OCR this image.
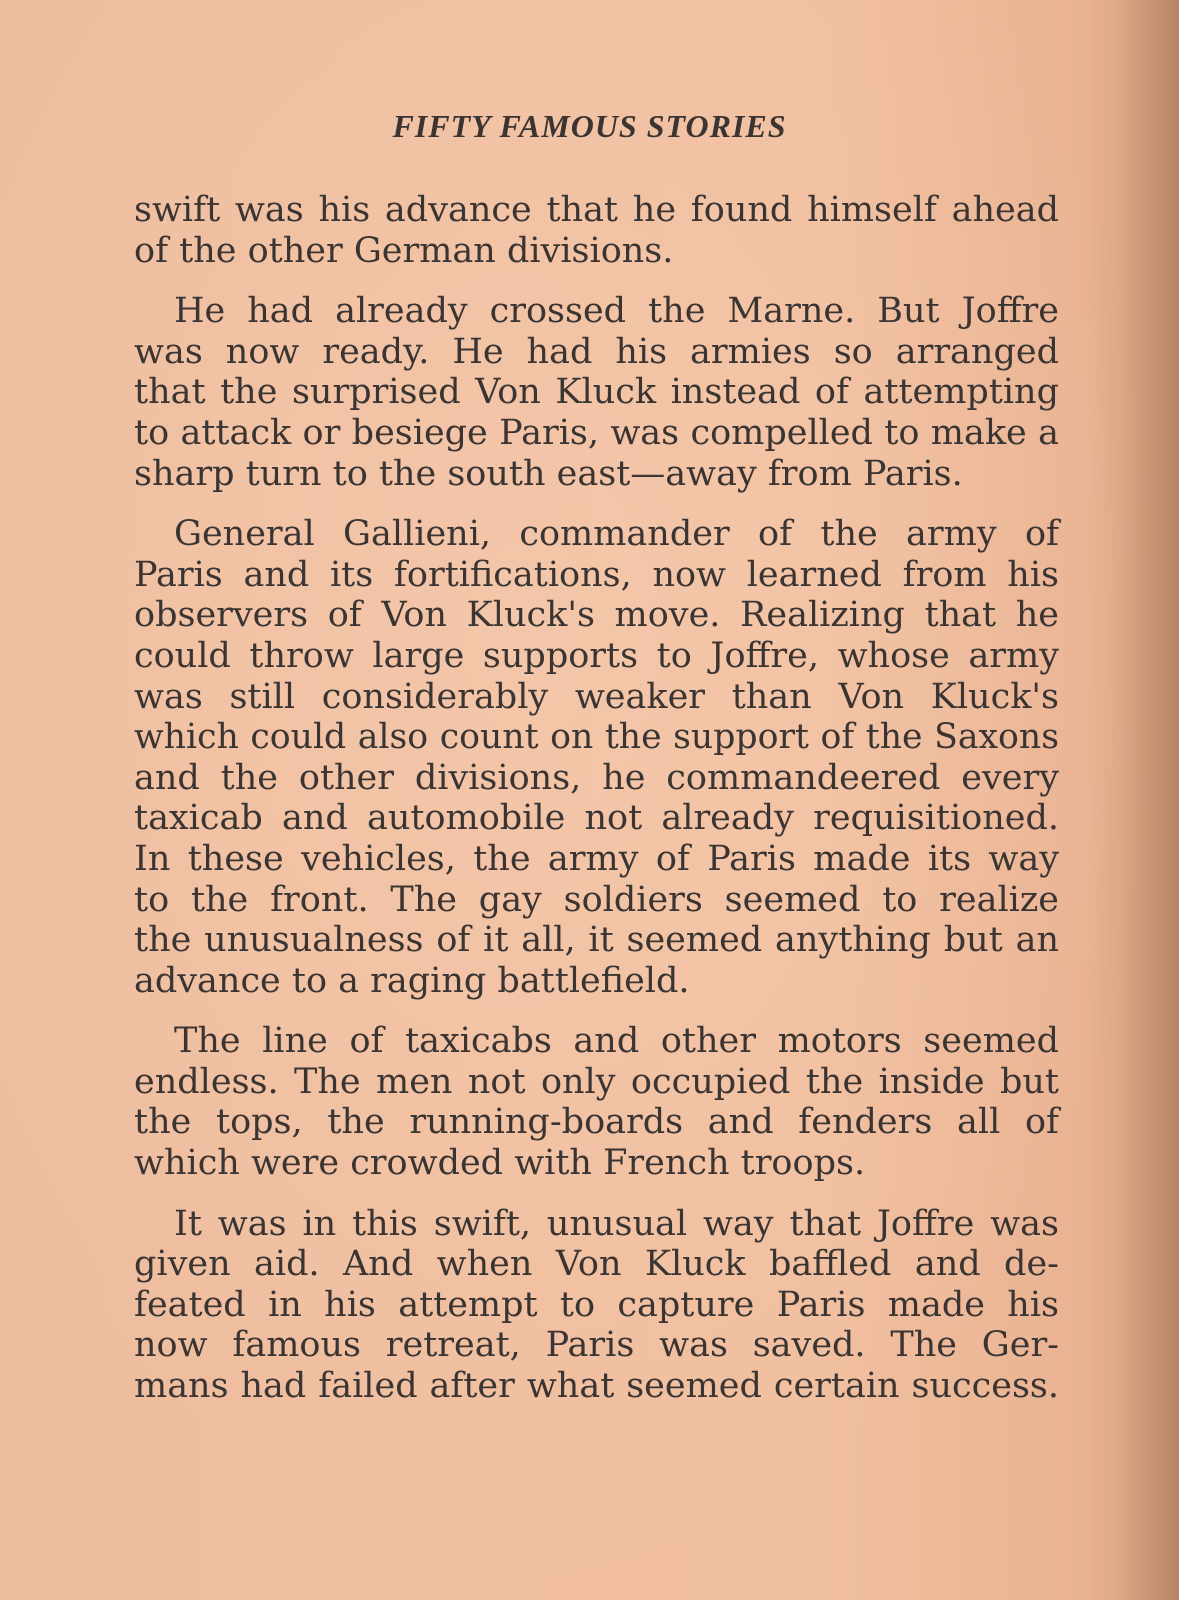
FIFTY FAMOUS STORIES
swift was his advance that he found himself ahead
of the other German divisions.
He had already crossed the Marne. But Joffre
was now ready. He had his armies so arranged
that the surprised Von Kluck instead of attempting
to attack or besiege Paris, was compelled to make a
sharp turn to the south east—away from Paris.
General Gallieni, commander of the army of
Paris and its fortifications, now learned from his
observers of Von Kluck's move. Realizing that he
could throw large supports to Joffre, whose army
was still considerably weaker than Von Kluck's
which could also count on the support of the Saxons
and the other divisions, he commandeered every
taxicab and automobile not already requisitioned.
In these vehicles, the army of Paris made its way
to the front. The gay soldiers seemed to realize
the unusualness of it all, it seemed anything but an
advance to a raging battlefield.
The line of taxicabs and other motors seemed
endless. The men not only occupied the inside but
the tops, the running-boards and fenders all of
which were crowded with French troops.
It was in this swift, unusual way that Joffre was
given aid. And when Von Kluck baffled and de-
feated in his attempt to capture Paris made his
now famous retreat, Paris was saved. The Ger-
mans had failed after what seemed certain success.
